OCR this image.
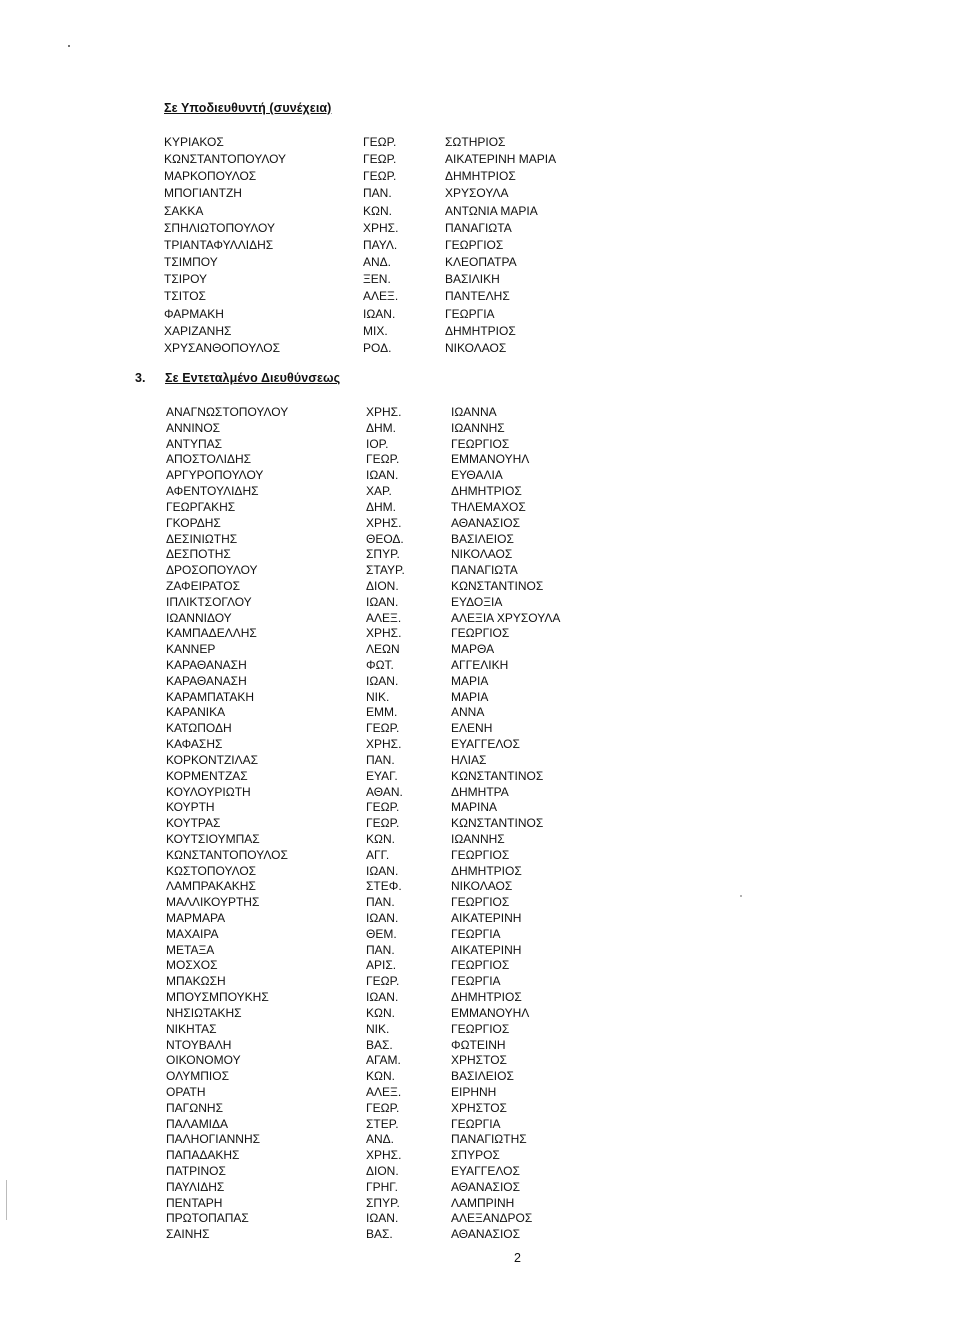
Σε Υποδιευθυντή (συνέχεια)
ΚΥΡΙΑΚΟΣ	ΓΕΩΡ.	ΣΩΤΗΡΙΟΣ
ΚΩΝΣΤΑΝΤΟΠΟΥΛΟΥ	ΓΕΩΡ.	ΑΙΚΑΤΕΡΙΝΗ ΜΑΡΙΑ
ΜΑΡΚΟΠΟΥΛΟΣ	ΓΕΩΡ.	ΔΗΜΗΤΡΙΟΣ
ΜΠΟΓΙΑΝΤΖΗ	ΠΑΝ.	ΧΡΥΣΟΥΛΑ
ΣΑΚΚΑ	ΚΩΝ.	ΑΝΤΩΝΙΑ ΜΑΡΙΑ
ΣΠΗΛΙΩΤΟΠΟΥΛΟΥ	ΧΡΗΣ.	ΠΑΝΑΓΙΩΤΑ
ΤΡΙΑΝΤΑΦΥΛΛΙΔΗΣ	ΠΑΥΛ.	ΓΕΩΡΓΙΟΣ
ΤΣΙΜΠΟΥ	ΑΝΔ.	ΚΛΕΟΠΑΤΡΑ
ΤΣΙΡΟΥ	ΞΕΝ.	ΒΑΣΙΛΙΚΗ
ΤΣΙΤΟΣ	ΑΛΕΞ.	ΠΑΝΤΕΛΗΣ
ΦΑΡΜΑΚΗ	ΙΩΑΝ.	ΓΕΩΡΓΙΑ
ΧΑΡΙΖΑΝΗΣ	ΜΙΧ.	ΔΗΜΗΤΡΙΟΣ
ΧΡΥΣΑΝΘΟΠΟΥΛΟΣ	ΡΟΔ.	ΝΙΚΟΛΑΟΣ
3. Σε Εντεταλμένο Διευθύνσεως
ΑΝΑΓΝΩΣΤΟΠΟΥΛΟΥ	ΧΡΗΣ.	ΙΩΑΝΝΑ
ΑΝΝΙΝΟΣ	ΔΗΜ.	ΙΩΑΝΝΗΣ
ΑΝΤΥΠΑΣ	ΙΟΡ.	ΓΕΩΡΓΙΟΣ
ΑΠΟΣΤΟΛΙΔΗΣ	ΓΕΩΡ.	ΕΜΜΑΝΟΥΗΛ
ΑΡΓΥΡΟΠΟΥΛΟΥ	ΙΩΑΝ.	ΕΥΘΑΛΙΑ
ΑΦΕΝΤΟΥΛΙΔΗΣ	ΧΑΡ.	ΔΗΜΗΤΡΙΟΣ
ΓΕΩΡΓΑΚΗΣ	ΔΗΜ.	ΤΗΛΕΜΑΧΟΣ
ΓΚΟΡΔΗΣ	ΧΡΗΣ.	ΑΘΑΝΑΣΙΟΣ
ΔΕΣΙΝΙΩΤΗΣ	ΘΕΟΔ.	ΒΑΣΙΛΕΙΟΣ
ΔΕΣΠΟΤΗΣ	ΣΠΥΡ.	ΝΙΚΟΛΑΟΣ
ΔΡΟΣΟΠΟΥΛΟΥ	ΣΤΑΥΡ.	ΠΑΝΑΓΙΩΤΑ
ΖΑΦΕΙΡΑΤΟΣ	ΔΙΟΝ.	ΚΩΝΣΤΑΝΤΙΝΟΣ
ΙΠΛΙΚΤΣΟΓΛΟΥ	ΙΩΑΝ.	ΕΥΔΟΞΙΑ
ΙΩΑΝΝΙΔΟΥ	ΑΛΕΞ.	ΑΛΕΞΙΑ ΧΡΥΣΟΥΛΑ
ΚΑΜΠΑΔΕΛΛΗΣ	ΧΡΗΣ.	ΓΕΩΡΓΙΟΣ
ΚΑΝΝΕΡ	ΛΕΩΝ	ΜΑΡΘΑ
ΚΑΡΑΘΑΝΑΣΗ	ΦΩΤ.	ΑΓΓΕΛΙΚΗ
ΚΑΡΑΘΑΝΑΣΗ	ΙΩΑΝ.	ΜΑΡΙΑ
ΚΑΡΑΜΠΑΤΑΚΗ	ΝΙΚ.	ΜΑΡΙΑ
ΚΑΡΑΝΙΚΑ	ΕΜΜ.	ΑΝΝΑ
ΚΑΤΩΠΟΔΗ	ΓΕΩΡ.	ΕΛΕΝΗ
ΚΑΦΑΣΗΣ	ΧΡΗΣ.	ΕΥΑΓΓΕΛΟΣ
ΚΟΡΚΟΝΤΖΙΛΑΣ	ΠΑΝ.	ΗΛΙΑΣ
ΚΟΡΜΕΝΤΖΑΣ	ΕΥΑΓ.	ΚΩΝΣΤΑΝΤΙΝΟΣ
ΚΟΥΛΟΥΡΙΩΤΗ	ΑΘΑΝ.	ΔΗΜΗΤΡΑ
ΚΟΥΡΤΗ	ΓΕΩΡ.	ΜΑΡΙΝΑ
ΚΟΥΤΡΑΣ	ΓΕΩΡ.	ΚΩΝΣΤΑΝΤΙΝΟΣ
ΚΟΥΤΣΙΟΥΜΠΑΣ	ΚΩΝ.	ΙΩΑΝΝΗΣ
ΚΩΝΣΤΑΝΤΟΠΟΥΛΟΣ	ΑΓΓ.	ΓΕΩΡΓΙΟΣ
ΚΩΣΤΟΠΟΥΛΟΣ	ΙΩΑΝ.	ΔΗΜΗΤΡΙΟΣ
ΛΑΜΠΡΑΚΑΚΗΣ	ΣΤΕΦ.	ΝΙΚΟΛΑΟΣ
ΜΑΛΛΙΚΟΥΡΤΗΣ	ΠΑΝ.	ΓΕΩΡΓΙΟΣ
ΜΑΡΜΑΡΑ	ΙΩΑΝ.	ΑΙΚΑΤΕΡΙΝΗ
ΜΑΧΑΙΡΑ	ΘΕΜ.	ΓΕΩΡΓΙΑ
ΜΕΤΑΞΑ	ΠΑΝ.	ΑΙΚΑΤΕΡΙΝΗ
ΜΟΣΧΟΣ	ΑΡΙΣ.	ΓΕΩΡΓΙΟΣ
ΜΠΑΚΩΣΗ	ΓΕΩΡ.	ΓΕΩΡΓΙΑ
ΜΠΟΥΣΜΠΟΥΚΗΣ	ΙΩΑΝ.	ΔΗΜΗΤΡΙΟΣ
ΝΗΣΙΩΤΑΚΗΣ	ΚΩΝ.	ΕΜΜΑΝΟΥΗΛ
ΝΙΚΗΤΑΣ	ΝΙΚ.	ΓΕΩΡΓΙΟΣ
ΝΤΟΥΒΑΛΗ	ΒΑΣ.	ΦΩΤΕΙΝΗ
ΟΙΚΟΝΟΜΟΥ	ΑΓΑΜ.	ΧΡΗΣΤΟΣ
ΟΛΥΜΠΙΟΣ	ΚΩΝ.	ΒΑΣΙΛΕΙΟΣ
ΟΡΑΤΗ	ΑΛΕΞ.	ΕΙΡΗΝΗ
ΠΑΓΩΝΗΣ	ΓΕΩΡ.	ΧΡΗΣΤΟΣ
ΠΑΛΑΜΙΔΑ	ΣΤΕΡ.	ΓΕΩΡΓΙΑ
ΠΑΛΗΟΓΙΑΝΝΗΣ	ΑΝΔ.	ΠΑΝΑΓΙΩΤΗΣ
ΠΑΠΑΔΑΚΗΣ	ΧΡΗΣ.	ΣΠΥΡΟΣ
ΠΑΤΡΙΝΟΣ	ΔΙΟΝ.	ΕΥΑΓΓΕΛΟΣ
ΠΑΥΛΙΔΗΣ	ΓΡΗΓ.	ΑΘΑΝΑΣΙΟΣ
ΠΕΝΤΑΡΗ	ΣΠΥΡ.	ΛΑΜΠΡΙΝΗ
ΠΡΩΤΟΠΑΠΑΣ	ΙΩΑΝ.	ΑΛΕΞΑΝΔΡΟΣ
ΣΑΙΝΗΣ	ΒΑΣ.	ΑΘΑΝΑΣΙΟΣ
2
